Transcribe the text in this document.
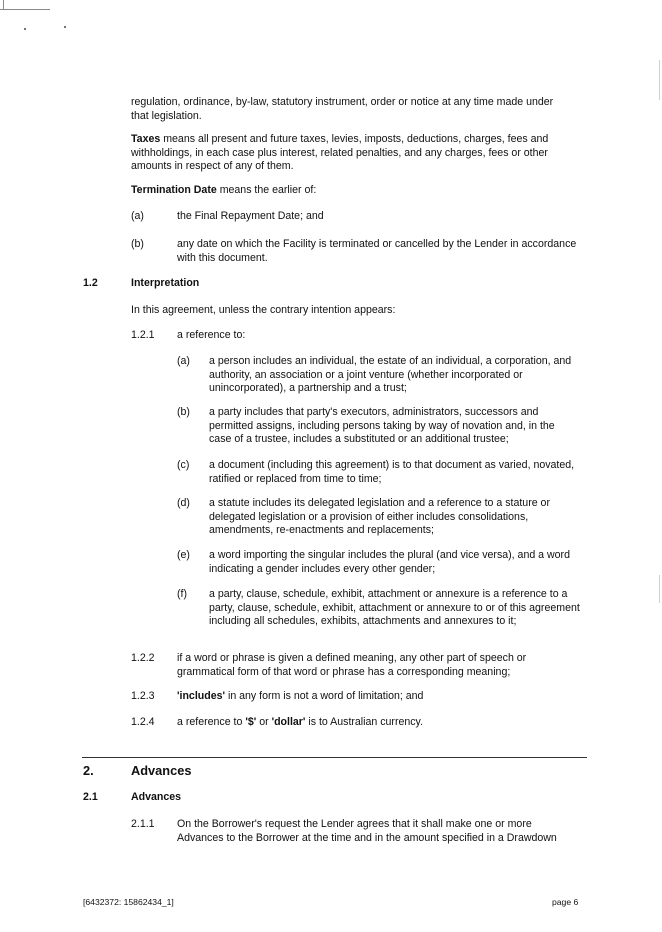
regulation, ordinance, by-law, statutory instrument, order or notice at any time made under that legislation.

Taxes means all present and future taxes, levies, imposts, deductions, charges, fees and withholdings, in each case plus interest, related penalties, and any charges, fees or other amounts in respect of any of them.

Termination Date means the earlier of:

(a)	the Final Repayment Date; and

(b)	any date on which the Facility is terminated or cancelled by the Lender in accordance with this document.

1.2	Interpretation

In this agreement, unless the contrary intention appears:

1.2.1 a reference to:
(a) a person includes an individual, the estate of an individual, a corporation, and authority, an association or a joint venture (whether incorporated or unincorporated), a partnership and a trust;

(b) a party includes that party's executors, administrators, successors and permitted assigns, including persons taking by way of novation and, in the case of a trustee, includes a substituted or an additional trustee;

(c) a document (including this agreement) is to that document as varied, novated, ratified or replaced from time to time;

(d) a statute includes its delegated legislation and a reference to a stature or delegated legislation or a provision of either includes consolidations, amendments, re-enactments and replacements;

(e) a word importing the singular includes the plural (and vice versa), and a word indicating a gender includes every other gender;

(f) a party, clause, schedule, exhibit, attachment or annexure is a reference to a party, clause, schedule, exhibit, attachment or annexure to or of this agreement including all schedules, exhibits, attachments and annexures to it;

1.2.2 if a word or phrase is given a defined meaning, any other part of speech or grammatical form of that word or phrase has a corresponding meaning;

1.2.3 'includes' in any form is not a word of limitation; and

1.2.4 a reference to '$' or 'dollar' is to Australian currency.

2.	Advances
2.1	Advances
2.1.1 On the Borrower's request the Lender agrees that it shall make one or more Advances to the Borrower at the time and in the amount specified in a Drawdown

[6432372: 15862434_1]	page 6
